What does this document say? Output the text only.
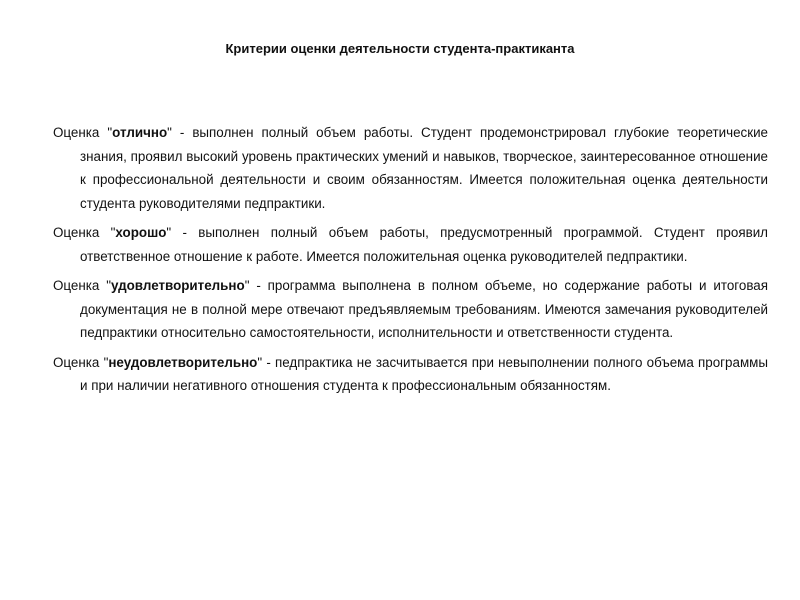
Критерии оценки деятельности студента-практиканта

Оценка "отлично" - выполнен полный объем работы. Студент продемонстрировал глубокие теоретические знания, проявил высокий уровень практических умений и навыков, творческое, заинтересованное отношение к профессиональной деятельности и своим обязанностям. Имеется положительная оценка деятельности студента руководителями педпрактики.

Оценка "хорошо" - выполнен полный объем работы, предусмотренный программой. Студент проявил ответственное отношение к работе. Имеется положительная оценка руководителей педпрактики.

Оценка "удовлетворительно" - программа выполнена в полном объеме, но содержание работы и итоговая документация не в полной мере отвечают предъявляемым требованиям. Имеются замечания руководителей педпрактики относительно самостоятельности, исполнительности и ответственности студента.

Оценка "неудовлетворительно" - педпрактика не засчитывается при невыполнении полного объема программы и при наличии негативного отношения студента к профессиональным обязанностям.
